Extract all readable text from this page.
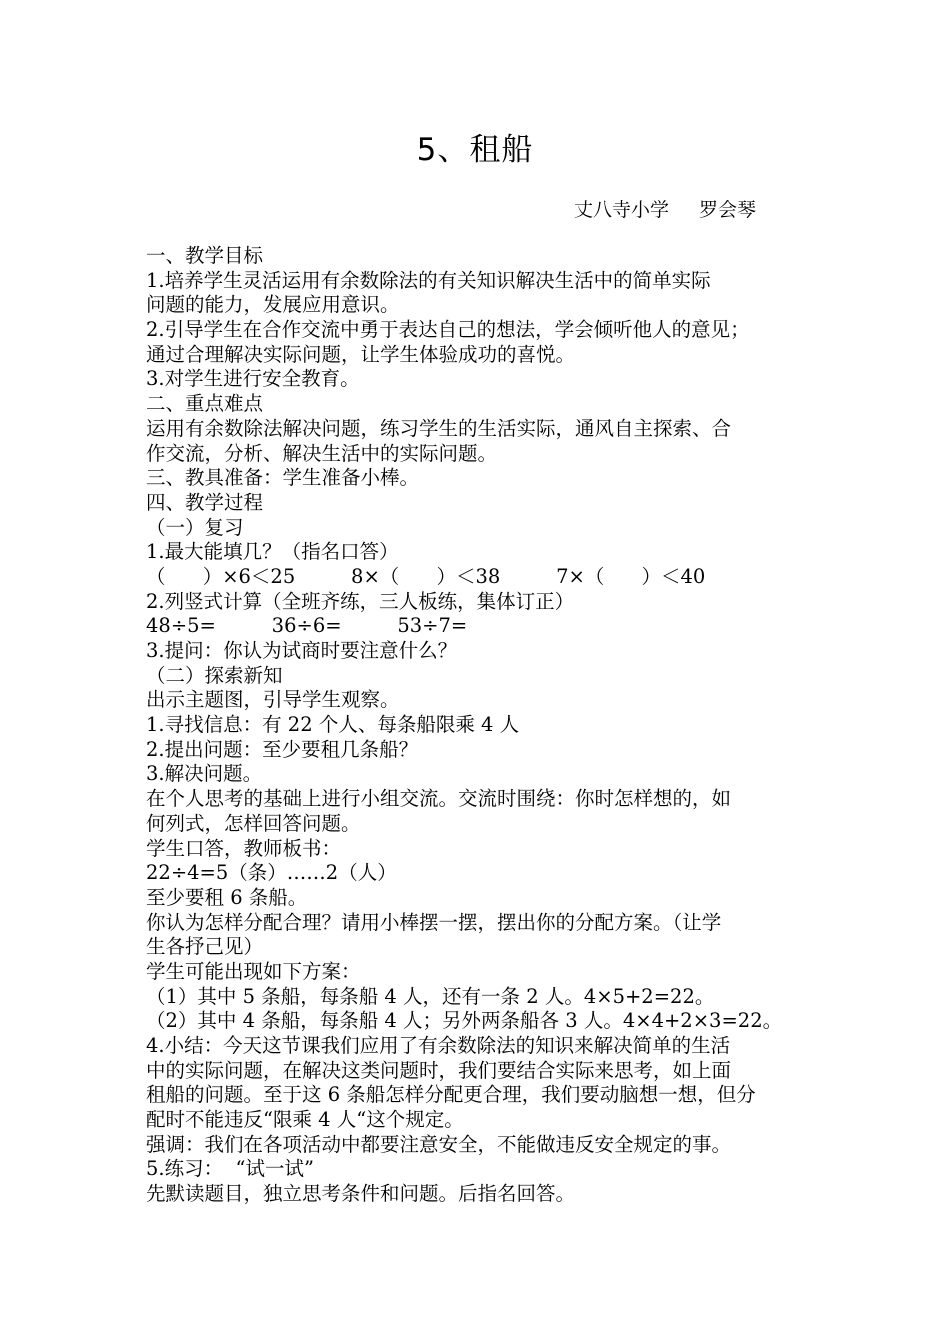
5、租船
丈八寺小学 罗会琴
一、教学目标
1.培养学生灵活运用有余数除法的有关知识解决生活中的简单实际
问题的能力，发展应用意识。
2.引导学生在合作交流中勇于表达自己的想法，学会倾听他人的意见；
通过合理解决实际问题，让学生体验成功的喜悦。
3.对学生进行安全教育。
二、重点难点
运用有余数除法解决问题，练习学生的生活实际，通风自主探索、合
作交流，分析、解决生活中的实际问题。
三、教具准备：学生准备小棒。
四、教学过程
（一）复习
1.最大能填几？（指名口答）
（      ）×6＜25         8×（      ）＜38         7×（      ）＜40
2.列竖式计算（全班齐练，三人板练，集体订正）
48÷5=         36÷6=         53÷7=
3.提问：你认为试商时要注意什么？
（二）探索新知
出示主题图，引导学生观察。
1.寻找信息：有 22 个人、每条船限乘 4 人
2.提出问题：至少要租几条船？
3.解决问题。
在个人思考的基础上进行小组交流。交流时围绕：你时怎样想的，如
何列式，怎样回答问题。
学生口答，教师板书：
22÷4=5（条）……2（人）
至少要租 6 条船。
你认为怎样分配合理？请用小棒摆一摆，摆出你的分配方案。（让学
生各抒己见）
学生可能出现如下方案：
（1）其中 5 条船，每条船 4 人，还有一条 2 人。4×5+2=22。
（2）其中 4 条船，每条船 4 人；另外两条船各 3 人。4×4+2×3=22。
4.小结：今天这节课我们应用了有余数除法的知识来解决简单的生活
中的实际问题，在解决这类问题时，我们要结合实际来思考，如上面
租船的问题。至于这 6 条船怎样分配更合理，我们要动脑想一想，但分
配时不能违反“限乘 4 人“这个规定。
强调：我们在各项活动中都要注意安全，不能做违反安全规定的事。
5.练习：  “试一试”
先默读题目，独立思考条件和问题。后指名回答。
